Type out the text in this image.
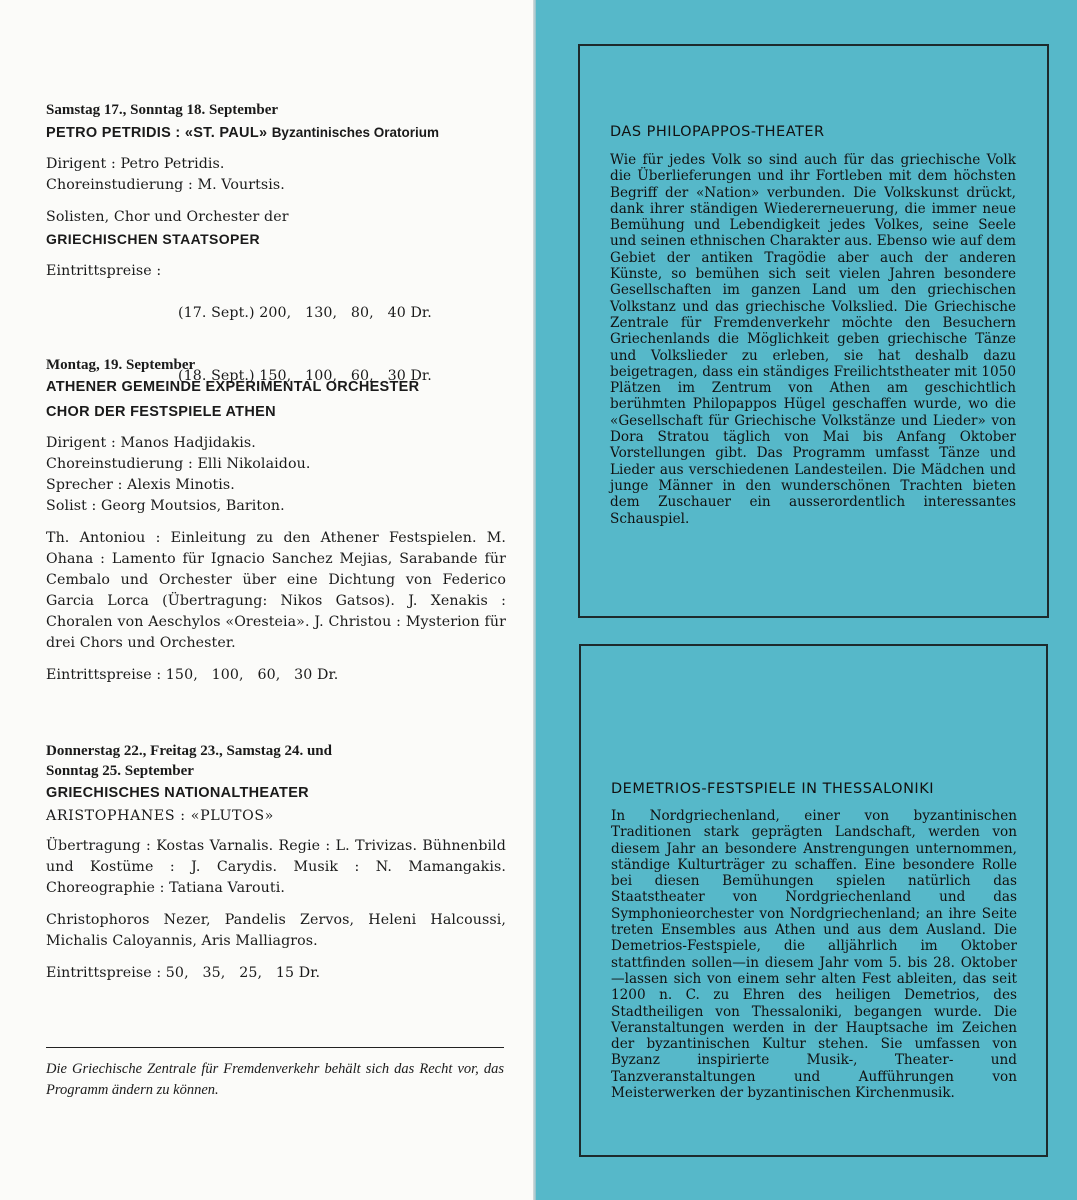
Samstag 17., Sonntag 18. September

PETRO PETRIDIS : «ST. PAUL» Byzantinisches Oratorium

Dirigent : Petro Petridis.

Choreinstudierung : M. Vourtsis.

Solisten, Chor und Orchester der

GRIECHISCHEN STAATSOPER

Eintrittspreise :

(17. Sept.) 200,   130,   80,   40 Dr.

(18. Sept.) 150,   100,   60,   30 Dr.

Montag, 19. September

ATHENER GEMEINDE EXPERIMENTAL ORCHESTER

CHOR DER FESTSPIELE ATHEN

Dirigent : Manos Hadjidakis.

Choreinstudierung : Elli Nikolaidou.

Sprecher : Alexis Minotis.

Solist : Georg Moutsios, Bariton.

Th. Antoniou : Einleitung zu den Athener Festspielen. M. Ohana : Lamento für Ignacio Sanchez Mejias, Sarabande für Cembalo und Orchester über eine Dichtung von Federico Garcia Lorca (Übertragung: Nikos Gatsos). J. Xenakis : Choralen von Aeschylos «Oresteia». J. Christou : Mysterion für drei Chors und Orchester.

Eintrittspreise : 150,   100,   60,   30 Dr.

Donnerstag 22., Freitag 23., Samstag 24. und

Sonntag 25. September

GRIECHISCHES NATIONALTHEATER

ARISTOPHANES : «PLUTOS»

Übertragung : Kostas Varnalis. Regie : L. Trivizas. Bühnenbild und Kostüme : J. Carydis. Musik : N. Mamangakis. Choreographie : Tatiana Varouti.

Christophoros Nezer, Pandelis Zervos, Heleni Halcoussi, Michalis Caloyannis, Aris Malliagros.

Eintrittspreise : 50,   35,   25,   15 Dr.

Die Griechische Zentrale für Fremdenverkehr behält sich das Recht vor, das Programm ändern zu können.

DAS PHILOPAPPOS-THEATER

Wie für jedes Volk so sind auch für das griechische Volk die Überlieferungen und ihr Fortleben mit dem höchsten Begriff der «Nation» verbunden. Die Volkskunst drückt, dank ihrer ständigen Wiedererneuerung, die immer neue Bemühung und Lebendigkeit jedes Volkes, seine Seele und seinen ethnischen Charakter aus. Ebenso wie auf dem Gebiet der antiken Tragödie aber auch der anderen Künste, so bemühen sich seit vielen Jahren besondere Gesellschaften im ganzen Land um den griechischen Volkstanz und das griechische Volkslied. Die Griechische Zentrale für Fremdenverkehr möchte den Besuchern Griechenlands die Möglichkeit geben griechische Tänze und Volkslieder zu erleben, sie hat deshalb dazu beigetragen, dass ein ständiges Freilichtstheater mit 1050 Plätzen im Zentrum von Athen am geschichtlich berühmten Philopappos Hügel geschaffen wurde, wo die «Gesellschaft für Griechische Volkstänze und Lieder» von Dora Stratou täglich von Mai bis Anfang Oktober Vorstellungen gibt. Das Programm umfasst Tänze und Lieder aus verschiedenen Landesteilen. Die Mädchen und junge Männer in den wunderschönen Trachten bieten dem Zuschauer ein ausserordentlich interessantes Schauspiel.

DEMETRIOS-FESTSPIELE IN THESSALONIKI

In Nordgriechenland, einer von byzantinischen Traditionen stark geprägten Landschaft, werden von diesem Jahr an besondere Anstrengungen unternommen, ständige Kulturträger zu schaffen. Eine besondere Rolle bei diesen Bemühungen spielen natürlich das Staatstheater von Nordgriechenland und das Symphonieorchester von Nordgriechenland; an ihre Seite treten Ensembles aus Athen und aus dem Ausland. Die Demetrios-Festspiele, die alljährlich im Oktober stattfinden sollen—in diesem Jahr vom 5. bis 28. Oktober—lassen sich von einem sehr alten Fest ableiten, das seit 1200 n. C. zu Ehren des heiligen Demetrios, des Stadtheiligen von Thessaloniki, begangen wurde. Die Veranstaltungen werden in der Hauptsache im Zeichen der byzantinischen Kultur stehen. Sie umfassen von Byzanz inspirierte Musik-, Theater- und Tanzveranstaltungen und Aufführungen von Meisterwerken der byzantinischen Kirchenmusik.
